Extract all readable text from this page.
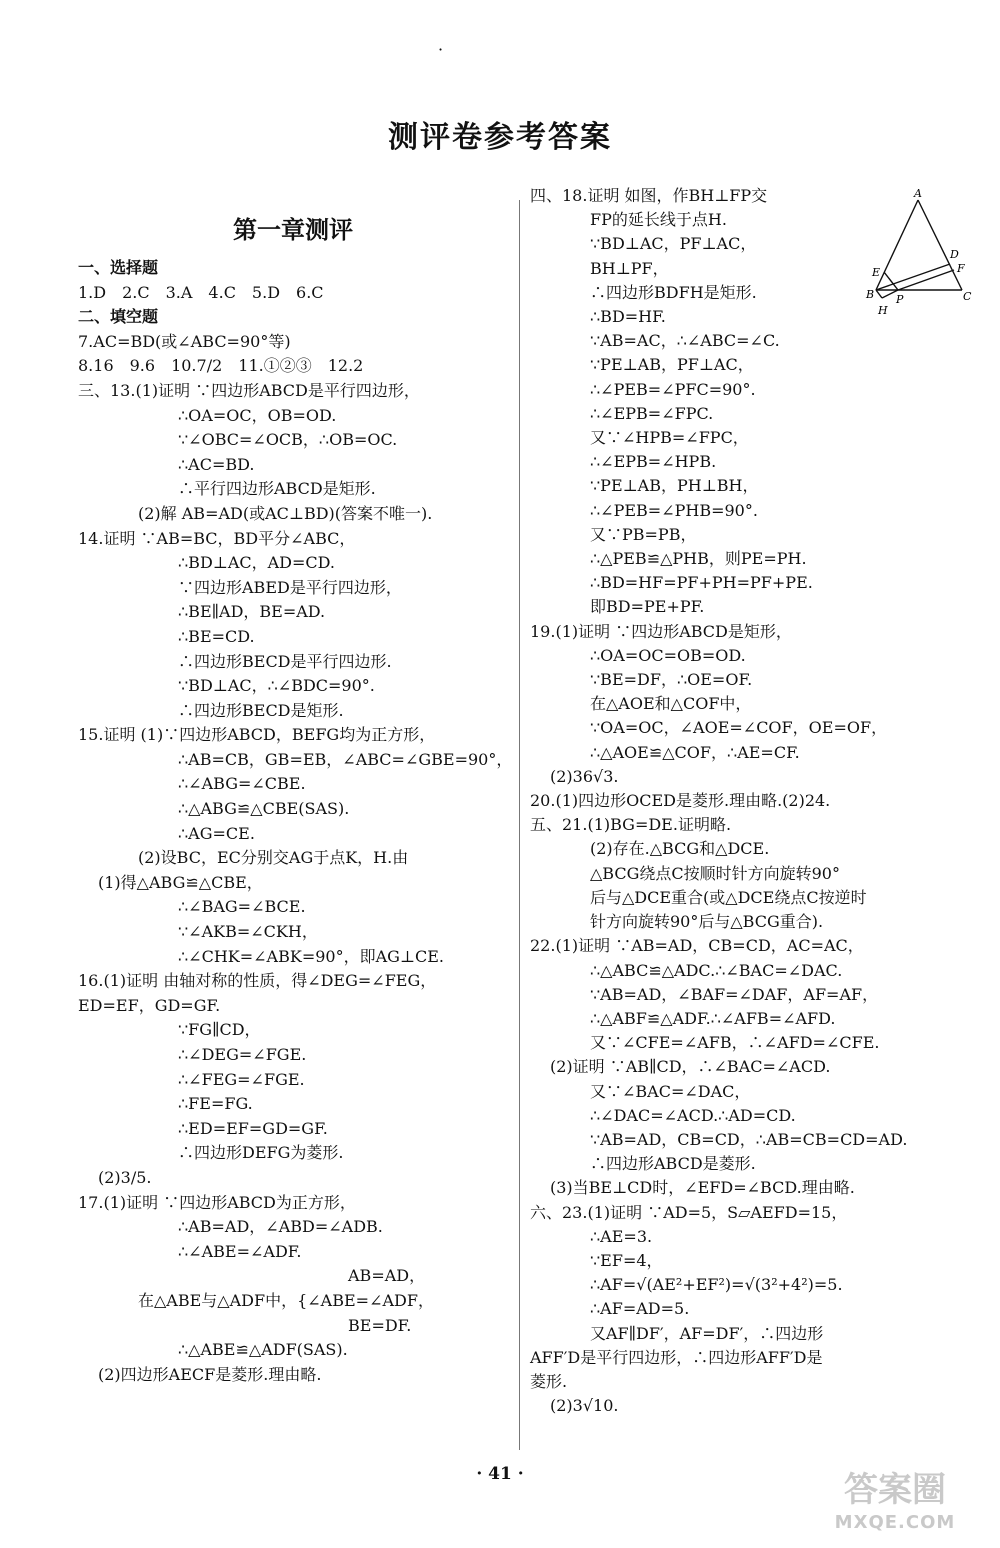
·
测评卷参考答案
第一章测评
一、选择题
1.D　2.C　3.A　4.C　5.D　6.C
二、填空题
7.AC=BD(或∠ABC=90°等)
8.16　9.6　10.7/2　11.①②③　12.2
三、13.(1)证明 ∵四边形ABCD是平行四边形，
∴OA=OC，OB=OD.
∵∠OBC=∠OCB，∴OB=OC.
∴AC=BD.
∴平行四边形ABCD是矩形.
(2)解 AB=AD(或AC⊥BD)(答案不唯一).
14.证明 ∵AB=BC，BD平分∠ABC，
∴BD⊥AC，AD=CD.
∵四边形ABED是平行四边形，
∴BE∥AD，BE=AD.
∴BE=CD.
∴四边形BECD是平行四边形.
∵BD⊥AC，∴∠BDC=90°.
∴四边形BECD是矩形.
15.证明 (1)∵四边形ABCD，BEFG均为正方形，
∴AB=CB，GB=EB，∠ABC=∠GBE=90°，
∴∠ABG=∠CBE.
∴△ABG≌△CBE(SAS).
∴AG=CE.
(2)设BC，EC分别交AG于点K，H.由
(1)得△ABG≌△CBE，
∴∠BAG=∠BCE.
∵∠AKB=∠CKH，
∴∠CHK=∠ABK=90°，即AG⊥CE.
16.(1)证明 由轴对称的性质，得∠DEG=∠FEG，
ED=EF，GD=GF.
∵FG∥CD，
∴∠DEG=∠FGE.
∴∠FEG=∠FGE.
∴FE=FG.
∴ED=EF=GD=GF.
∴四边形DEFG为菱形.
(2)3/5.
17.(1)证明 ∵四边形ABCD为正方形，
∴AB=AD，∠ABD=∠ADB.
∴∠ABE=∠ADF.
　　　　　　　　　　AB=AD，
在△ABE与△ADF中，{∠ABE=∠ADF，
　　　　　　　　　　BE=DF.
∴△ABE≌△ADF(SAS).
(2)四边形AECF是菱形.理由略.
四、18.证明 如图，作BH⊥FP交
FP的延长线于点H.
∵BD⊥AC，PF⊥AC，
BH⊥PF，
∴四边形BDFH是矩形.
∴BD=HF.
∵AB=AC，∴∠ABC=∠C.
∵PE⊥AB，PF⊥AC，
∴∠PEB=∠PFC=90°.
∴∠EPB=∠FPC.
又∵∠HPB=∠FPC，
∴∠EPB=∠HPB.
∵PE⊥AB，PH⊥BH，
∴∠PEB=∠PHB=90°.
又∵PB=PB，
∴△PEB≌△PHB，则PE=PH.
∴BD=HF=PF+PH=PF+PE.
即BD=PE+PF.
19.(1)证明 ∵四边形ABCD是矩形，
∴OA=OC=OB=OD.
∵BE=DF，∴OE=OF.
在△AOE和△COF中，
∵OA=OC，∠AOE=∠COF，OE=OF，
∴△AOE≌△COF，∴AE=CF.
(2)36√3.
20.(1)四边形OCED是菱形.理由略.(2)24.
五、21.(1)BG=DE.证明略.
(2)存在.△BCG和△DCE.
△BCG绕点C按顺时针方向旋转90°
后与△DCE重合(或△DCE绕点C按逆时
针方向旋转90°后与△BCG重合).
22.(1)证明 ∵AB=AD，CB=CD，AC=AC，
∴△ABC≌△ADC.∴∠BAC=∠DAC.
∵AB=AD，∠BAF=∠DAF，AF=AF，
∴△ABF≌△ADF.∴∠AFB=∠AFD.
又∵∠CFE=∠AFB，∴∠AFD=∠CFE.
(2)证明 ∵AB∥CD，∴∠BAC=∠ACD.
又∵∠BAC=∠DAC，
∴∠DAC=∠ACD.∴AD=CD.
∵AB=AD，CB=CD，∴AB=CB=CD=AD.
∴四边形ABCD是菱形.
(3)当BE⊥CD时，∠EFD=∠BCD.理由略.
六、23.(1)证明 ∵AD=5，S▱AEFD=15，
∴AE=3.
∵EF=4，
∴AF=√(AE²+EF²)=√(3²+4²)=5.
∴AF=AD=5.
又AF∥DF′，AF=DF′，∴四边形
AFF′D是平行四边形，∴四边形AFF′D是
菱形.
(2)3√10.
A
D
F
E
B P	C
H
· 41 ·	答案圈
MXQE.COM
